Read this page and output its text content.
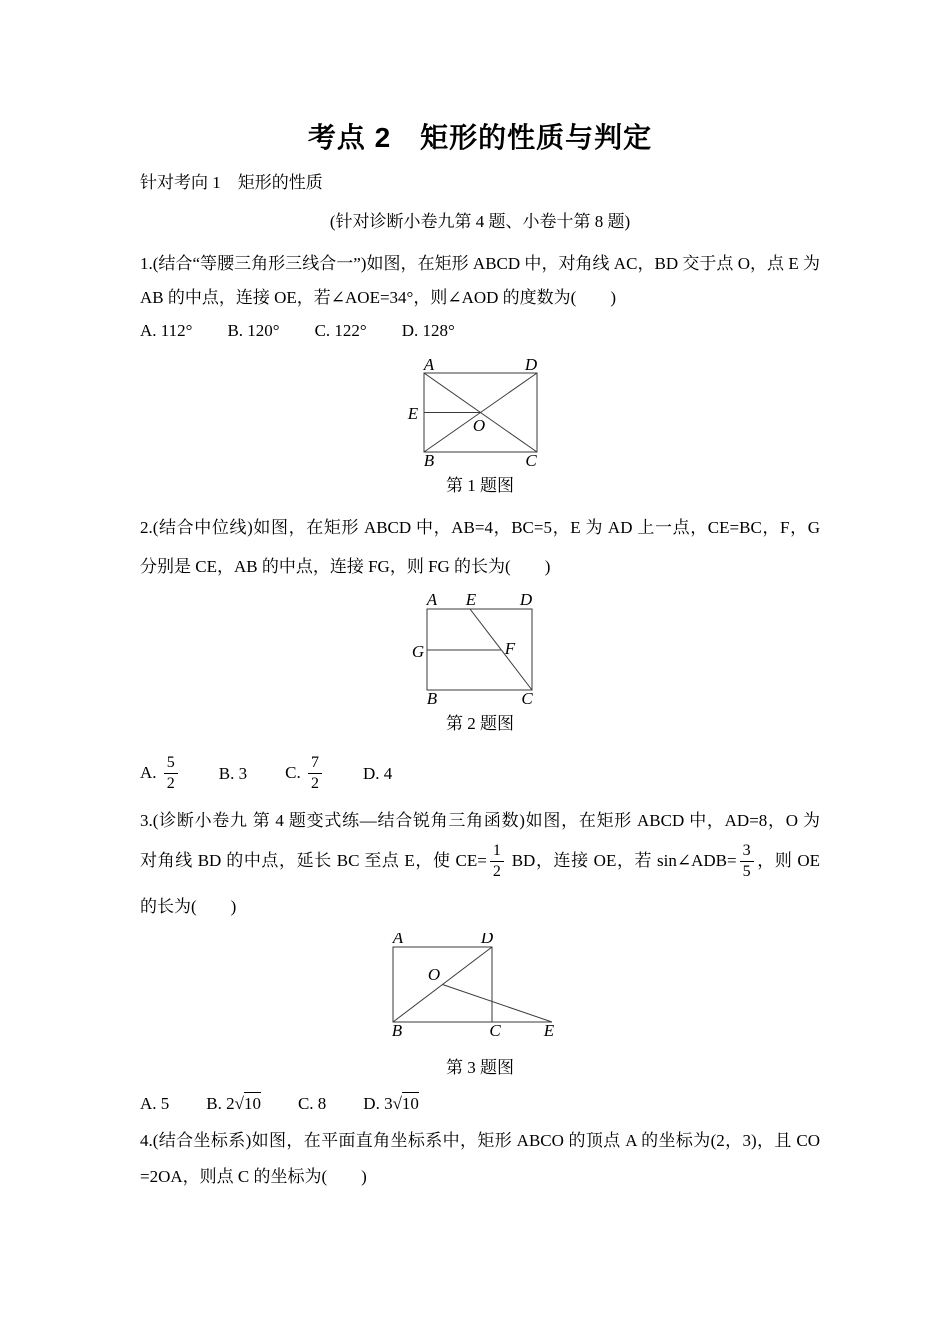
考点 2　矩形的性质与判定
针对考向 1　矩形的性质
(针对诊断小卷九第 4 题、小卷十第 8 题)
1.(结合“等腰三角形三线合一”)如图，在矩形 ABCD 中，对角线 AC，BD 交于点 O，点 E 为
AB 的中点，连接 OE，若∠AOE=34°，则∠AOD 的度数为(　　)
A. 112° B. 120° C. 122° D. 128°
A	D
B	C
E
O
第 1 题图
2.(结合中位线)如图，在矩形 ABCD 中，AB=4，BC=5，E 为 AD 上一点，CE=BC，F，G
分别是 CE，AB 的中点，连接 FG，则 FG 的长为(　　)
A E	D
G	F
B	C
第 2 题图
A. $\frac{5}{2} B$. 3 C. $\frac{7}{2} D$. 4
3.(诊断小卷九 第 4 题变式练—结合锐角三角函数)如图，在矩形 ABCD 中，AD=8，O 为
对角线 BD 的中点，延长 BC 至点 E，使 $CE= \frac{1}{2}$ BD，连接 OE，若 sin∠ADB= $\frac{3}{5}$ ，则 OE
的长为(　　)
A	D
O
B	C	E
第 3 题图
A. 5 B. 2√10 C. 8 D. 3√10
4.(结合坐标系)如图，在平面直角坐标系中，矩形 ABCO 的顶点 A 的坐标为(2，3)，且 CO
=2OA，则点 C 的坐标为(　　)
